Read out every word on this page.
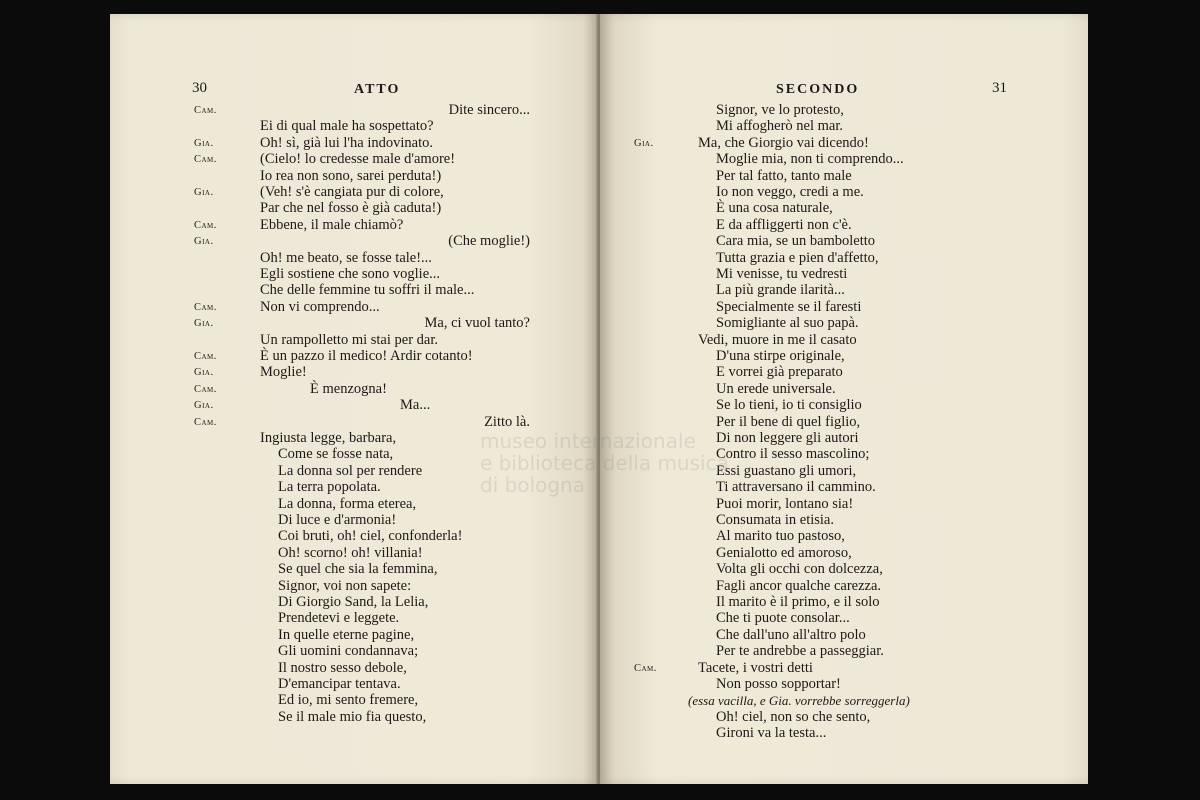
30	ATTO
Cam.	Dite sincero...
Ei di qual male ha sospettato?
Gia.	Oh! sì, già lui l'ha indovinato.
Cam.	(Cielo! lo credesse male d'amore!
Io rea non sono, sarei perduta!)
Gia.	(Veh! s'è cangiata pur di colore,
Par che nel fosso è già caduta!)
Cam.	Ebbene, il male chiamò?
Gia.	(Che moglie!)
Oh! me beato, se fosse tale!...
Egli sostiene che sono voglie...
Che delle femmine tu soffri il male...
Cam.	Non vi comprendo...
Gia.	Ma, ci vuol tanto?
Un rampolletto mi stai per dar.
Cam.	È un pazzo il medico! Ardir cotanto!
Gia.	Moglie!
Cam.	È menzogna!
Gia.	Ma...
Cam.	Zitto là.
Ingiusta legge, barbara,
Come se fosse nata,
La donna sol per rendere
La terra popolata.
La donna, forma eterea,
Di luce e d'armonia!
Coi bruti, oh! ciel, confonderla!
Oh! scorno! oh! villania!
Se quel che sia la femmina,
Signor, voi non sapete:
Di Giorgio Sand, la Lelia,
Prendetevi e leggete.
In quelle eterne pagine,
Gli uomini condannava;
Il nostro sesso debole,
D'emancipar tentava.
Ed io, mi sento fremere,
Se il male mio fia questo,
SECONDO	31
Signor, ve lo protesto,
Mi affogherò nel mar.
Gia.	Ma, che Giorgio vai dicendo!
Moglie mia, non ti comprendo...
Per tal fatto, tanto male
Io non veggo, credi a me.
È una cosa naturale,
E da affliggerti non c'è.
Cara mia, se un bamboletto
Tutta grazia e pien d'affetto,
Mi venisse, tu vedresti
La più grande ilarità...
Specialmente se il faresti
Somigliante al suo papà.
Vedi, muore in me il casato
D'una stirpe originale,
E vorrei già preparato
Un erede universale.
Se lo tieni, io ti consiglio
Per il bene di quel figlio,
Di non leggere gli autori
Contro il sesso mascolino;
Essi guastano gli umori,
Ti attraversano il cammino.
Puoi morir, lontano sia!
Consumata in etisia.
Al marito tuo pastoso,
Genialotto ed amoroso,
Volta gli occhi con dolcezza,
Fagli ancor qualche carezza.
Il marito è il primo, e il solo
Che ti puote consolar...
Che dall'uno all'altro polo
Per te andrebbe a passeggiar.
Cam.	Tacete, i vostri detti
Non posso sopportar!
(essa vacilla, e Gia. vorrebbe sorreggerla)
Oh! ciel, non so che sento,
Gironi va la testa...
museo internazionale
e biblioteca della musica
di bologna
